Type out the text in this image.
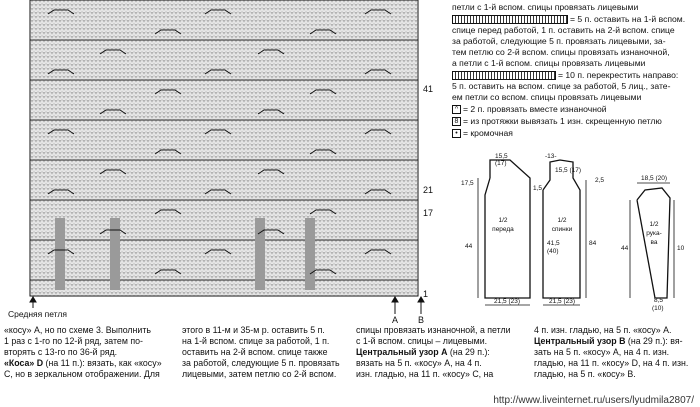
41
21
17
1
Средняя петля
А В
петли с 1-й вспом. спицы провязать лицевыми
= 5 п. оставить на 1-й вспом.
спице перед работой, 1 п. оставить на 2-й вспом. спице
за работой, следующие 5 п. провязать лицевыми, за-
тем петлю со 2-й вспом. спицы провязать изнаночной,
а петли с 1-й вспом. спицы провязать лицевыми
= 10 п. перекрестить направо:
5 п. оставить на вспом. спице за работой, 5 лиц., зате-
ем петли со вспом. спицы провязать лицевыми
^ = 2 п. провязать вместе изнаночной
8 = из протяжки вывязать 1 изн. скрещенную петлю
• = кромочная
1/2
переда
15,5
(17)
17,5
44
21,5 (23)
1/2
спинки
-13-
15,5 (17)
2,5
1,5
41,5
(40)
84
21,5 (23)
1/2
рука-
ва
18,5 (20)
44	10
8,5
(10)
«косу» А, но по схеме 3. Выполнить
1 раз с 1-го по 12-й ряд, затем по-
вторять с 13-го по 36-й ряд.
«Коса» D (на 11 п.): вязать, как «косу»
С, но в зеркальном отображении. Для
этого в 11-м и 35-м р. оставить 5 п.
на 1-й вспом. спице за работой, 1 п.
оставить на 2-й вспом. спице также
за работой, следующие 5 п. провязать
лицевыми, затем петлю со 2-й вспом.
спицы провязать изнаночной, а петли
с 1-й вспом. спицы – лицевыми.
Центральный узор А (на 29 п.):
вязать на 5 п. «косу» А, на 4 п.
изн. гладью, на 11 п. «косу» С, на
4 п. изн. гладью, на 5 п. «косу» А.
Центральный узор В (на 29 п.): вя-
зать на 5 п. «косу» А, на 4 п. изн.
гладью, на 11 п. «косу» D, на 4 п. изн.
гладью, на 5 п. «косу» В.
http://www.liveinternet.ru/users/lyudmila2807/
